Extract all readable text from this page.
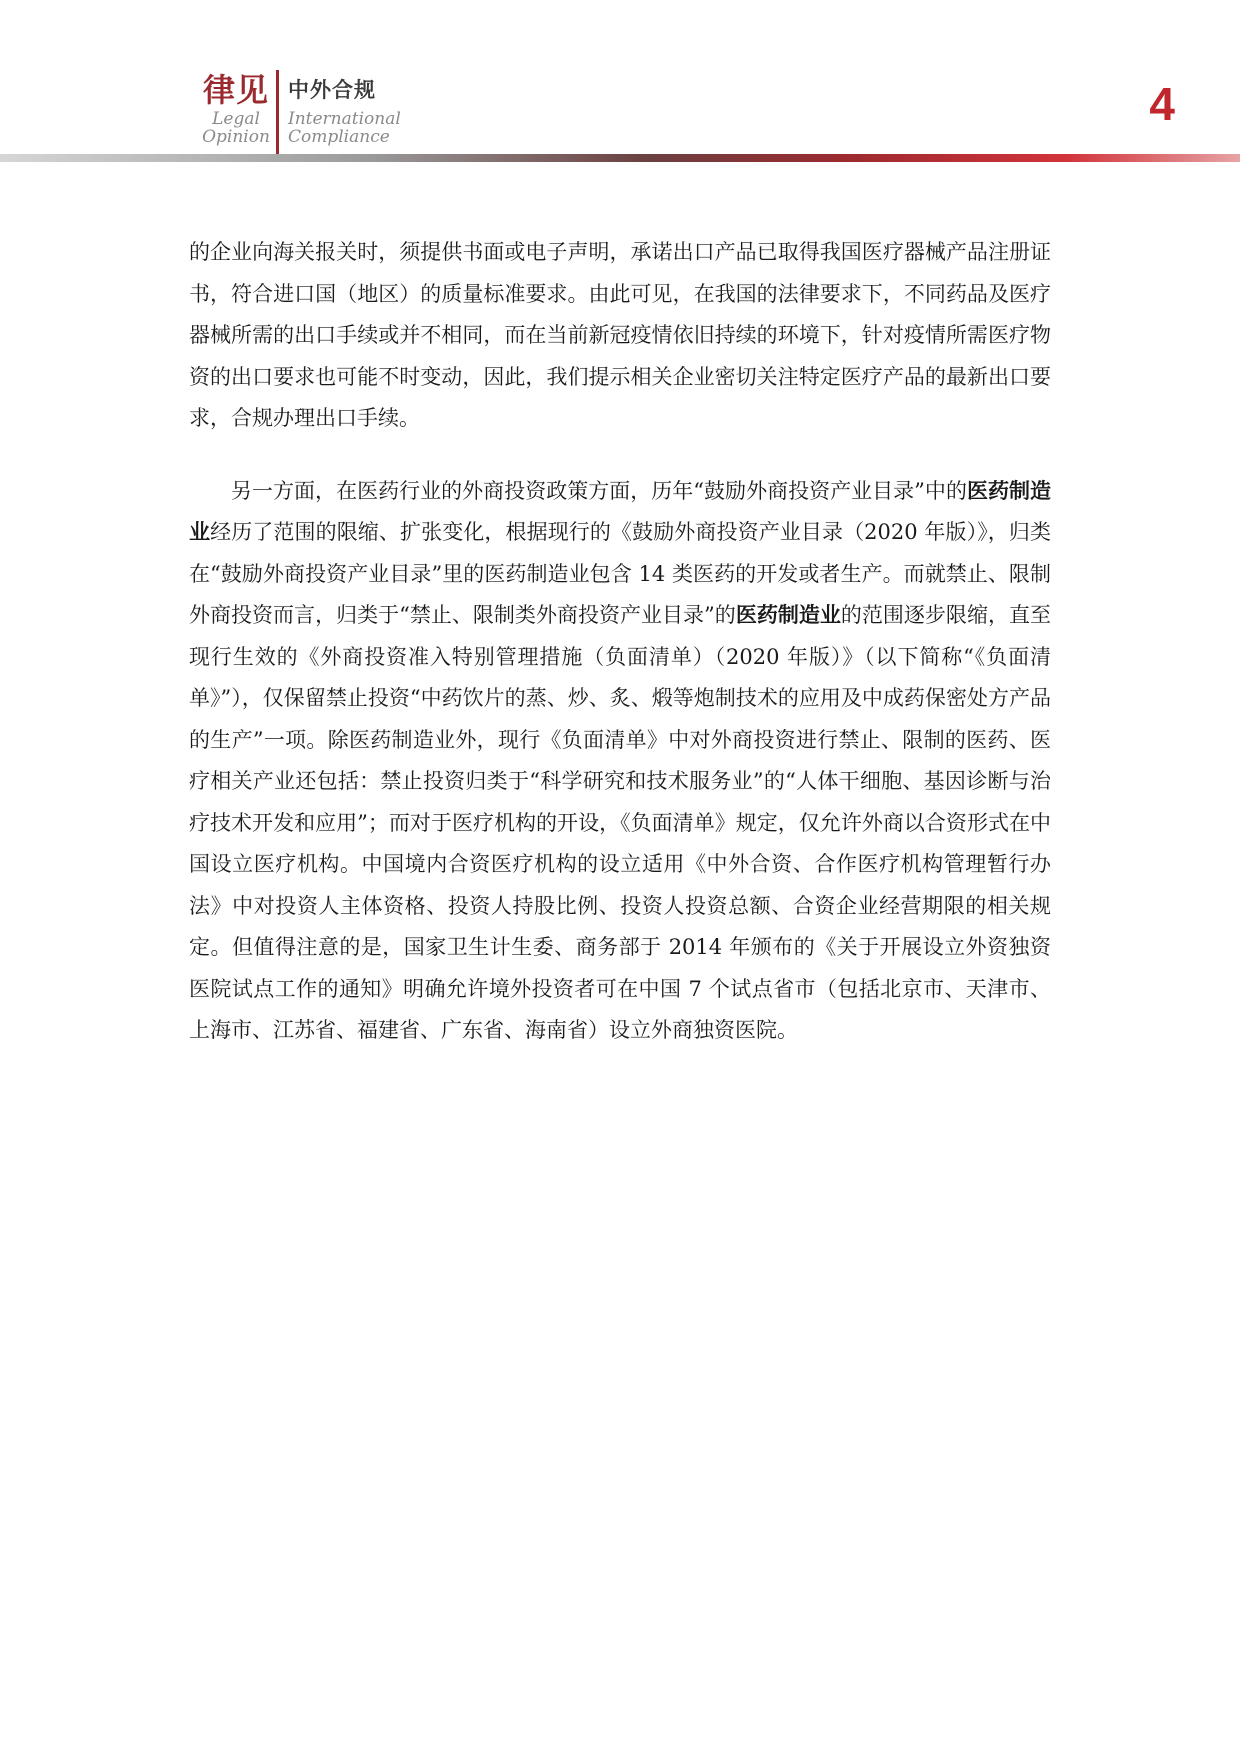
律见
Legal
Opinion
中外合规
International
Compliance
4

的企业向海关报关时，须提供书面或电子声明，承诺出口产品已取得我国医疗器械产品注册证书，符合进口国（地区）的质量标准要求。由此可见，在我国的法律要求下，不同药品及医疗器械所需的出口手续或并不相同，而在当前新冠疫情依旧持续的环境下，针对疫情所需医疗物资的出口要求也可能不时变动，因此，我们提示相关企业密切关注特定医疗产品的最新出口要求，合规办理出口手续。

另一方面，在医药行业的外商投资政策方面，历年“鼓励外商投资产业目录”中的医药制造业经历了范围的限缩、扩张变化，根据现行的《鼓励外商投资产业目录（2020 年版）》，归类在“鼓励外商投资产业目录”里的医药制造业包含 14 类医药的开发或者生产。而就禁止、限制外商投资而言，归类于“禁止、限制类外商投资产业目录”的医药制造业的范围逐步限缩，直至现行生效的《外商投资准入特别管理措施（负面清单）（2020 年版）》（以下简称“《负面清单》”），仅保留禁止投资“中药饮片的蒸、炒、炙、煅等炮制技术的应用及中成药保密处方产品的生产”一项。除医药制造业外，现行《负面清单》中对外商投资进行禁止、限制的医药、医疗相关产业还包括：禁止投资归类于“科学研究和技术服务业”的“人体干细胞、基因诊断与治疗技术开发和应用”；而对于医疗机构的开设，《负面清单》规定，仅允许外商以合资形式在中国设立医疗机构。中国境内合资医疗机构的设立适用《中外合资、合作医疗机构管理暂行办法》中对投资人主体资格、投资人持股比例、投资人投资总额、合资企业经营期限的相关规定。但值得注意的是，国家卫生计生委、商务部于 2014 年颁布的《关于开展设立外资独资医院试点工作的通知》明确允许境外投资者可在中国 7 个试点省市（包括北京市、天津市、上海市、江苏省、福建省、广东省、海南省）设立外商独资医院。
